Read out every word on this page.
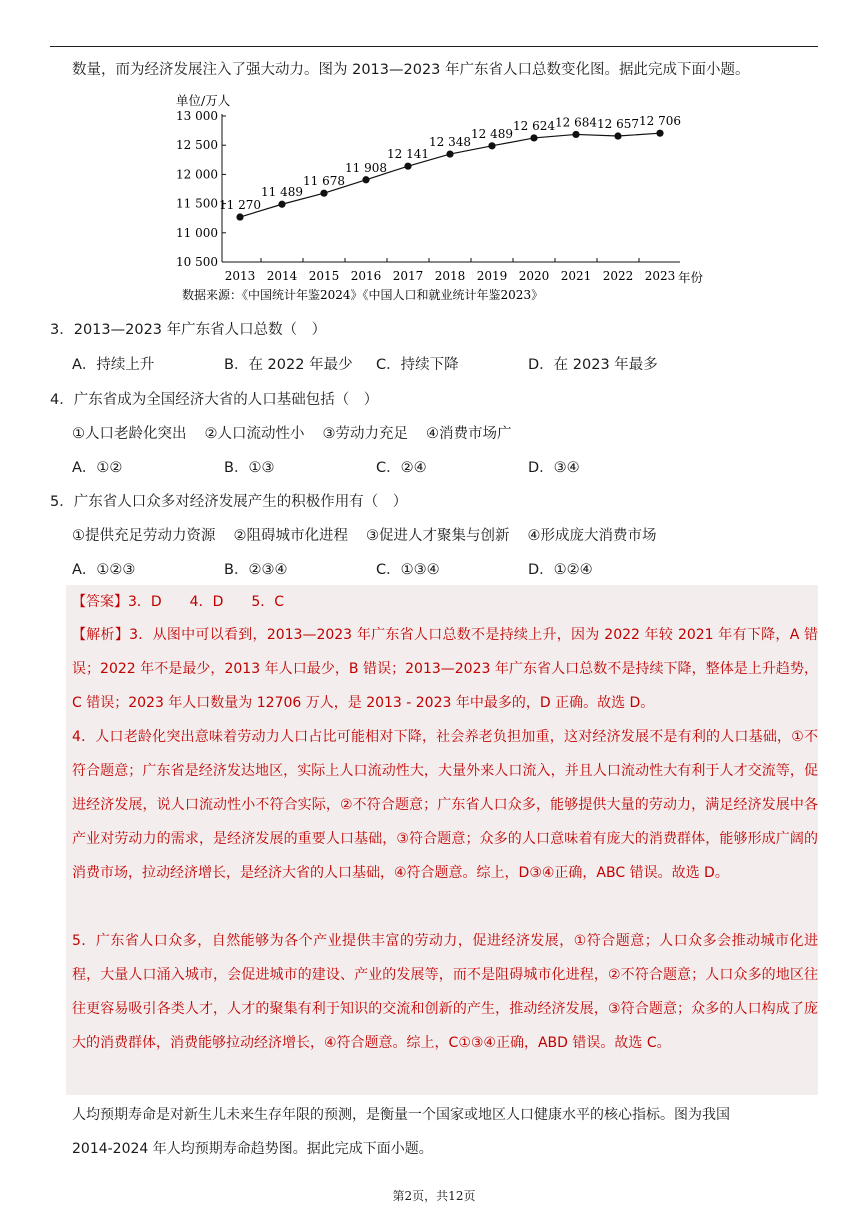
数量，而为经济发展注入了强大动力。图为 2013—2023 年广东省人口总数变化图。据此完成下面小题。
单位/万人
10 500
11 000
11 500
12 000
12 500
13 000
2013 2014 2015 2016 2017 2018 2019 2020 2021 2022 2023
11 270
11 489
11 678
11 908
12 141
12 348
12 489
12 624 12 684 12 657 12 706
年份
数据来源：《中国统计年鉴2024》《中国人口和就业统计年鉴2023》
3．2013—2023 年广东省人口总数（　）
A．持续上升	B．在 2022 年最少	C．持续下降	D．在 2023 年最多
4．广东省成为全国经济大省的人口基础包括（　）
①人口老龄化突出 ②人口流动性小 ③劳动力充足 ④消费市场广
A．①②	B．①③	C．②④	D．③④
5．广东省人口众多对经济发展产生的积极作用有（　）
①提供充足劳动力资源 ②阻碍城市化进程 ③促进人才聚集与创新 ④形成庞大消费市场
A．①②③	B．②③④	C．①③④	D．①②④
【答案】3．D　　4．D　　5．C
【解析】3．从图中可以看到，2013—2023 年广东省人口总数不是持续上升，因为 2022 年较 2021 年有下降，A 错误；2022 年不是最少，2013 年人口最少，B 错误；2013—2023 年广东省人口总数不是持续下降，整体是上升趋势，C 错误；2023 年人口数量为 12706 万人，是 2013 - 2023 年中最多的，D 正确。故选 D。
4．人口老龄化突出意味着劳动力人口占比可能相对下降，社会养老负担加重，这对经济发展不是有利的人口基础，①不符合题意；广东省是经济发达地区，实际上人口流动性大，大量外来人口流入，并且人口流动性大有利于人才交流等，促进经济发展，说人口流动性小不符合实际，②不符合题意；广东省人口众多，能够提供大量的劳动力，满足经济发展中各产业对劳动力的需求，是经济发展的重要人口基础，③符合题意；众多的人口意味着有庞大的消费群体，能够形成广阔的消费市场，拉动经济增长，是经济大省的人口基础，④符合题意。综上，D③④正确，ABC 错误。故选 D。
5．广东省人口众多，自然能够为各个产业提供丰富的劳动力，促进经济发展，①符合题意；人口众多会推动城市化进程，大量人口涌入城市，会促进城市的建设、产业的发展等，而不是阻碍城市化进程，②不符合题意；人口众多的地区往往更容易吸引各类人才，人才的聚集有利于知识的交流和创新的产生，推动经济发展，③符合题意；众多的人口构成了庞大的消费群体，消费能够拉动经济增长，④符合题意。综上，C①③④正确，ABD 错误。故选 C。
人均预期寿命是对新生儿未来生存年限的预测，是衡量一个国家或地区人口健康水平的核心指标。图为我国
2014-2024 年人均预期寿命趋势图。据此完成下面小题。
第2页，共12页
